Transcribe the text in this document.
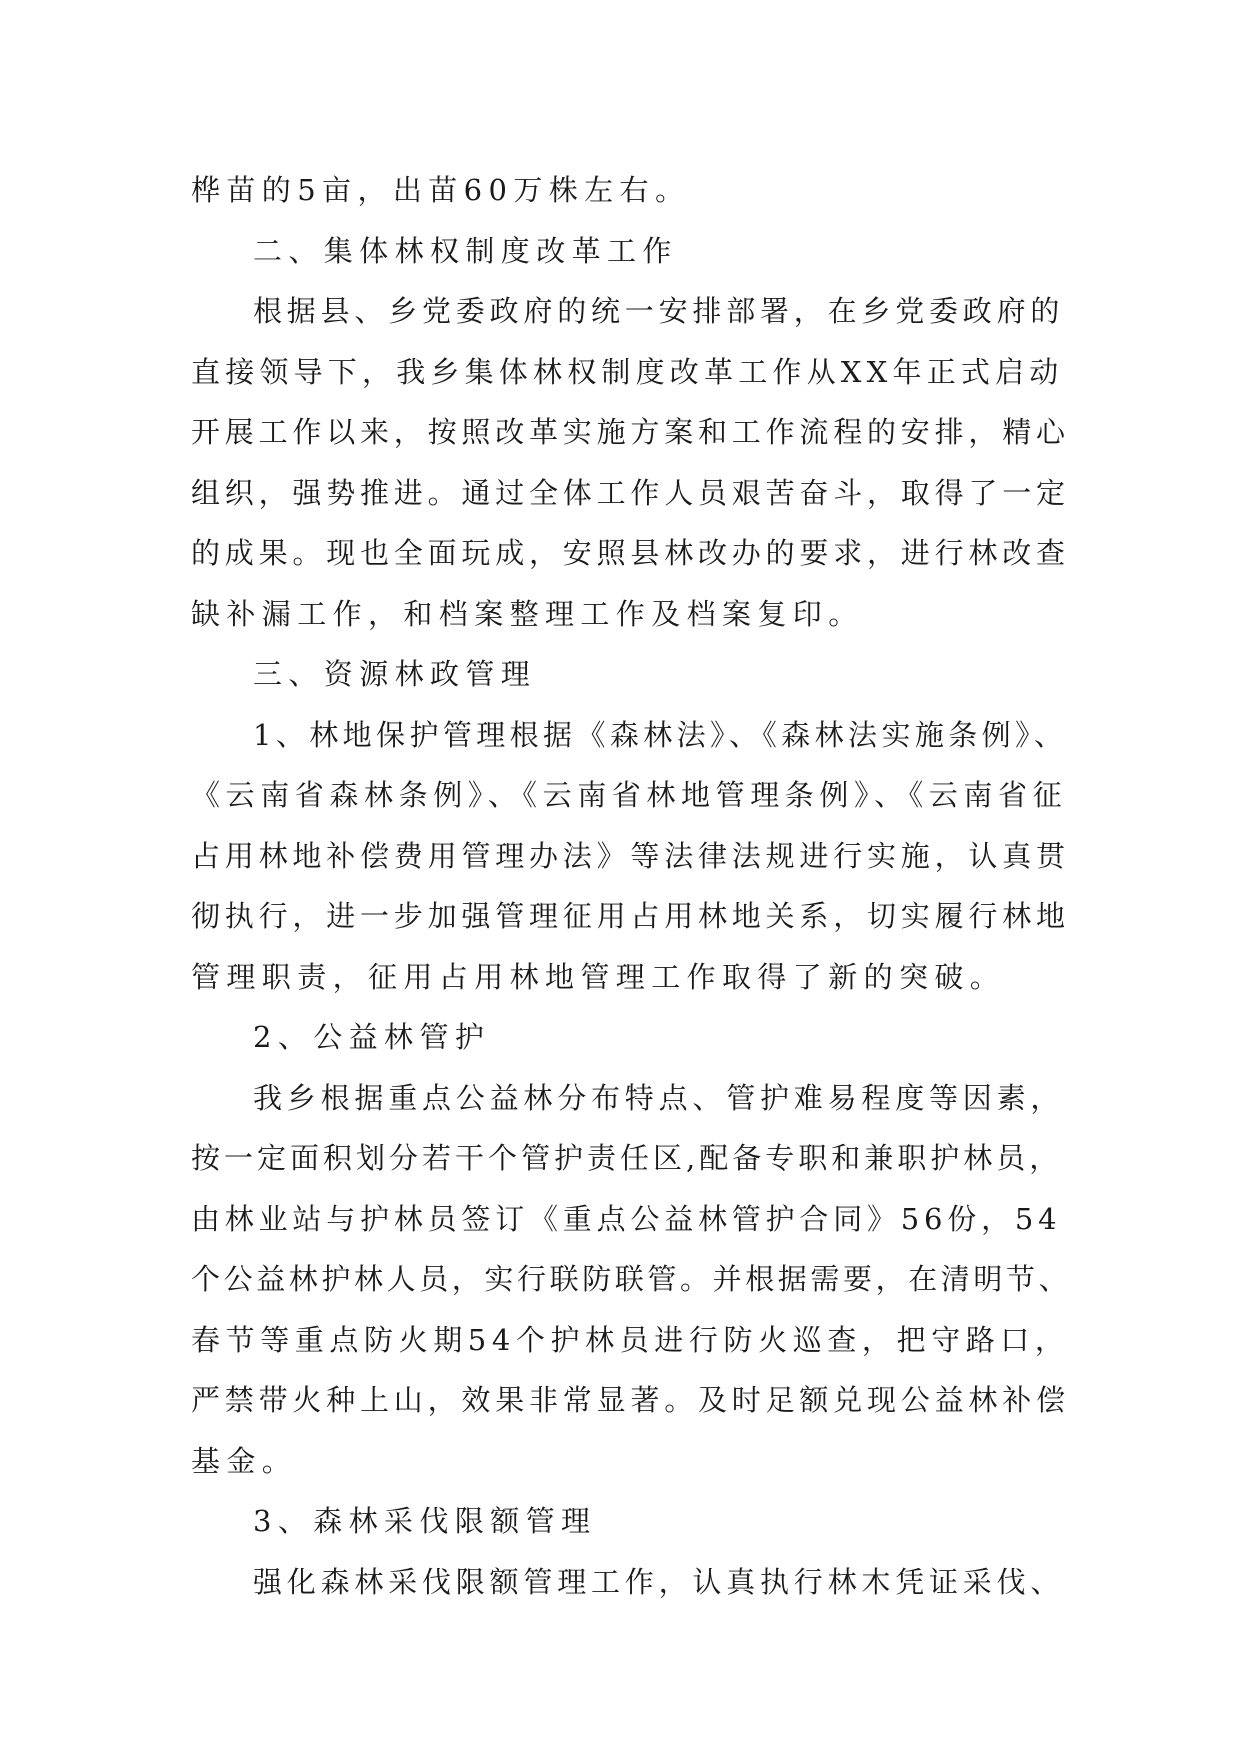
桦苗的5亩，出苗60万株左右。
二、集体林权制度改革工作
根据县、乡党委政府的统一安排部署，在乡党委政府的
直接领导下，我乡集体林权制度改革工作从XX年正式启动
开展工作以来，按照改革实施方案和工作流程的安排，精心
组织，强势推进。通过全体工作人员艰苦奋斗，取得了一定
的成果。现也全面玩成，安照县林改办的要求，进行林改查
缺补漏工作，和档案整理工作及档案复印。
三、资源林政管理
1、林地保护管理根据《森林法》、《森林法实施条例》、
《云南省森林条例》、《云南省林地管理条例》、《云南省征
占用林地补偿费用管理办法》等法律法规进行实施，认真贯
彻执行，进一步加强管理征用占用林地关系，切实履行林地
管理职责，征用占用林地管理工作取得了新的突破。
2、公益林管护
我乡根据重点公益林分布特点、管护难易程度等因素，
按一定面积划分若干个管护责任区,配备专职和兼职护林员，
由林业站与护林员签订《重点公益林管护合同》56份，54
个公益林护林人员，实行联防联管。并根据需要，在清明节、
春节等重点防火期54个护林员进行防火巡查，把守路口，
严禁带火种上山，效果非常显著。及时足额兑现公益林补偿
基金。
3、森林采伐限额管理
强化森林采伐限额管理工作，认真执行林木凭证采伐、
